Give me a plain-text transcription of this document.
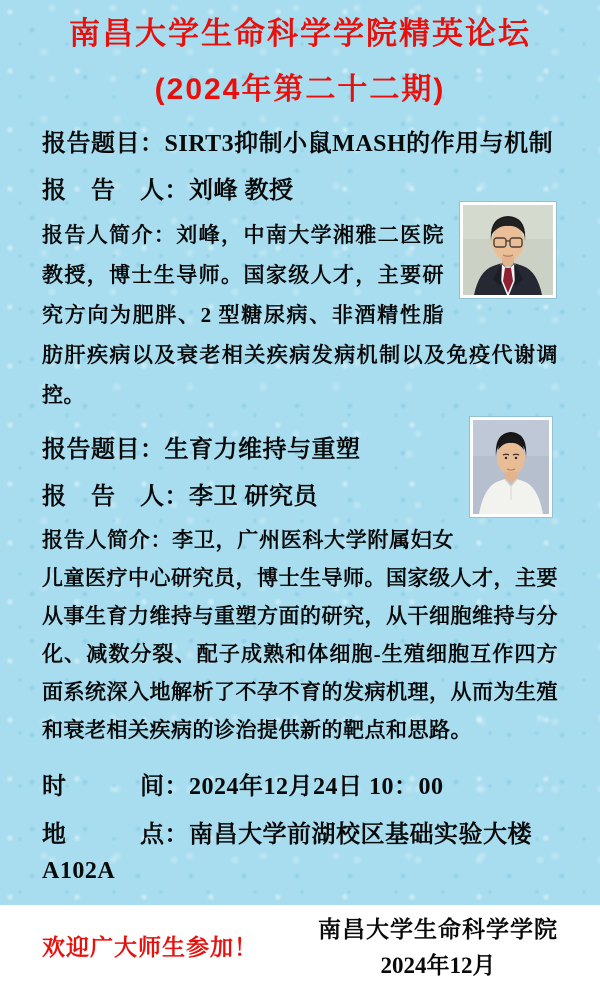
南昌大学生命科学学院精英论坛
(2024年第二十二期)

报告题目：SIRT3抑制小鼠MASH的作用与机制

报　告　人：刘峰 教授

报告人简介：刘峰，中南大学湘雅二医院教授，博士生导师。国家级人才，主要研究方向为肥胖、2 型糖尿病、非酒精性脂肪肝疾病以及衰老相关疾病发病机制以及免疫代谢调控。

报告题目：生育力维持与重塑

报　告　人：李卫 研究员

报告人简介：李卫，广州医科大学附属妇女儿童医疗中心研究员，博士生导师。国家级人才，主要从事生育力维持与重塑方面的研究，从干细胞维持与分化、减数分裂、配子成熟和体细胞-生殖细胞互作四方面系统深入地解析了不孕不育的发病机理，从而为生殖和衰老相关疾病的诊治提供新的靶点和思路。

时　　　间：2024年12月24日 10：00

地　　　点：南昌大学前湖校区基础实验大楼A102A

欢迎广大师生参加！
南昌大学生命科学学院
2024年12月
